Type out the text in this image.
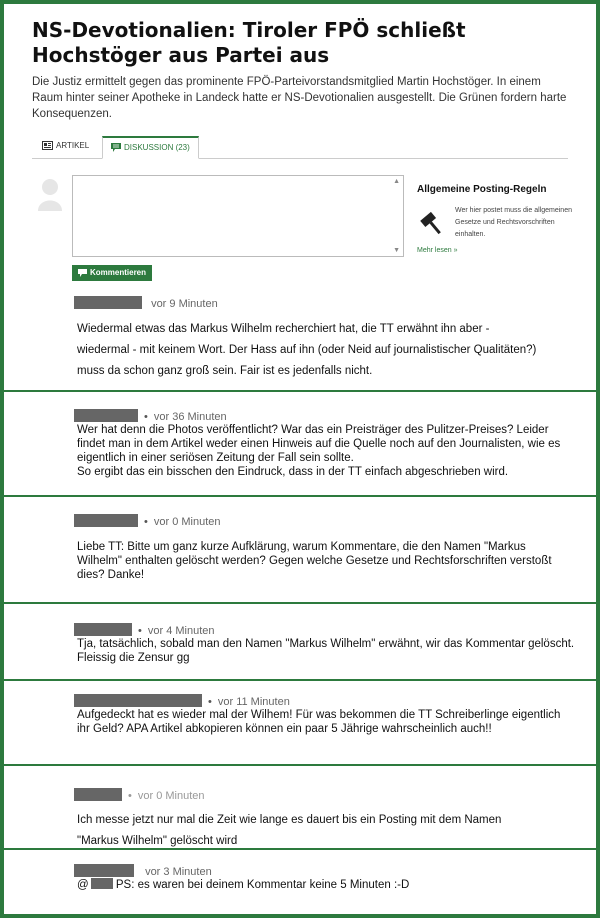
NS-Devotionalien: Tiroler FPÖ schließt Hochstöger aus Partei aus
Die Justiz ermittelt gegen das prominente FPÖ-Parteivorstandsmitglied Martin Hochstöger. In einem Raum hinter seiner Apotheke in Landeck hatte er NS-Devotionalien ausgestellt. Die Grünen fordern harte Konsequenzen.
ARTIKEL	DISKUSSION (23)
▲
▼
Kommentieren
Allgemeine Posting-Regeln
Wer hier postet muss die allgemeinen
Gesetze und Rechtsvorschriften
einhalten.
Mehr lesen »
vor 9 Minuten
Wiedermal etwas das Markus Wilhelm recherchiert hat, die TT erwähnt ihn aber -
wiedermal - mit keinem Wort. Der Hass auf ihn (oder Neid auf journalistischer Qualitäten?)
muss da schon ganz groß sein. Fair ist es jedenfalls nicht.
• vor 36 Minuten
Wer hat denn die Photos veröffentlicht? War das ein Preisträger des Pulitzer-Preises? Leider
findet man in dem Artikel weder einen Hinweis auf die Quelle noch auf den Journalisten, wie es
eigentlich in einer seriösen Zeitung der Fall sein sollte.
So ergibt das ein bisschen den Eindruck, dass in der TT einfach abgeschrieben wird.
• vor 0 Minuten
Liebe TT: Bitte um ganz kurze Aufklärung, warum Kommentare, die den Namen "Markus
Wilhelm" enthalten gelöscht werden? Gegen welche Gesetze und Rechtsforschriften verstoßt
dies? Danke!
• vor 4 Minuten
Tja, tatsächlich, sobald man den Namen "Markus Wilhelm" erwähnt, wir das Kommentar gelöscht.
Fleissig die Zensur gg
• vor 11 Minuten
Aufgedeckt hat es wieder mal der Wilhem! Für was bekommen die TT Schreiberlinge eigentlich
ihr Geld? APA Artikel abkopieren können ein paar 5 Jährige wahrscheinlich auch!!
• vor 0 Minuten
Ich messe jetzt nur mal die Zeit wie lange es dauert bis ein Posting mit dem Namen
"Markus Wilhelm" gelöscht wird
vor 3 Minuten
@ PS: es waren bei deinem Kommentar keine 5 Minuten :-D
